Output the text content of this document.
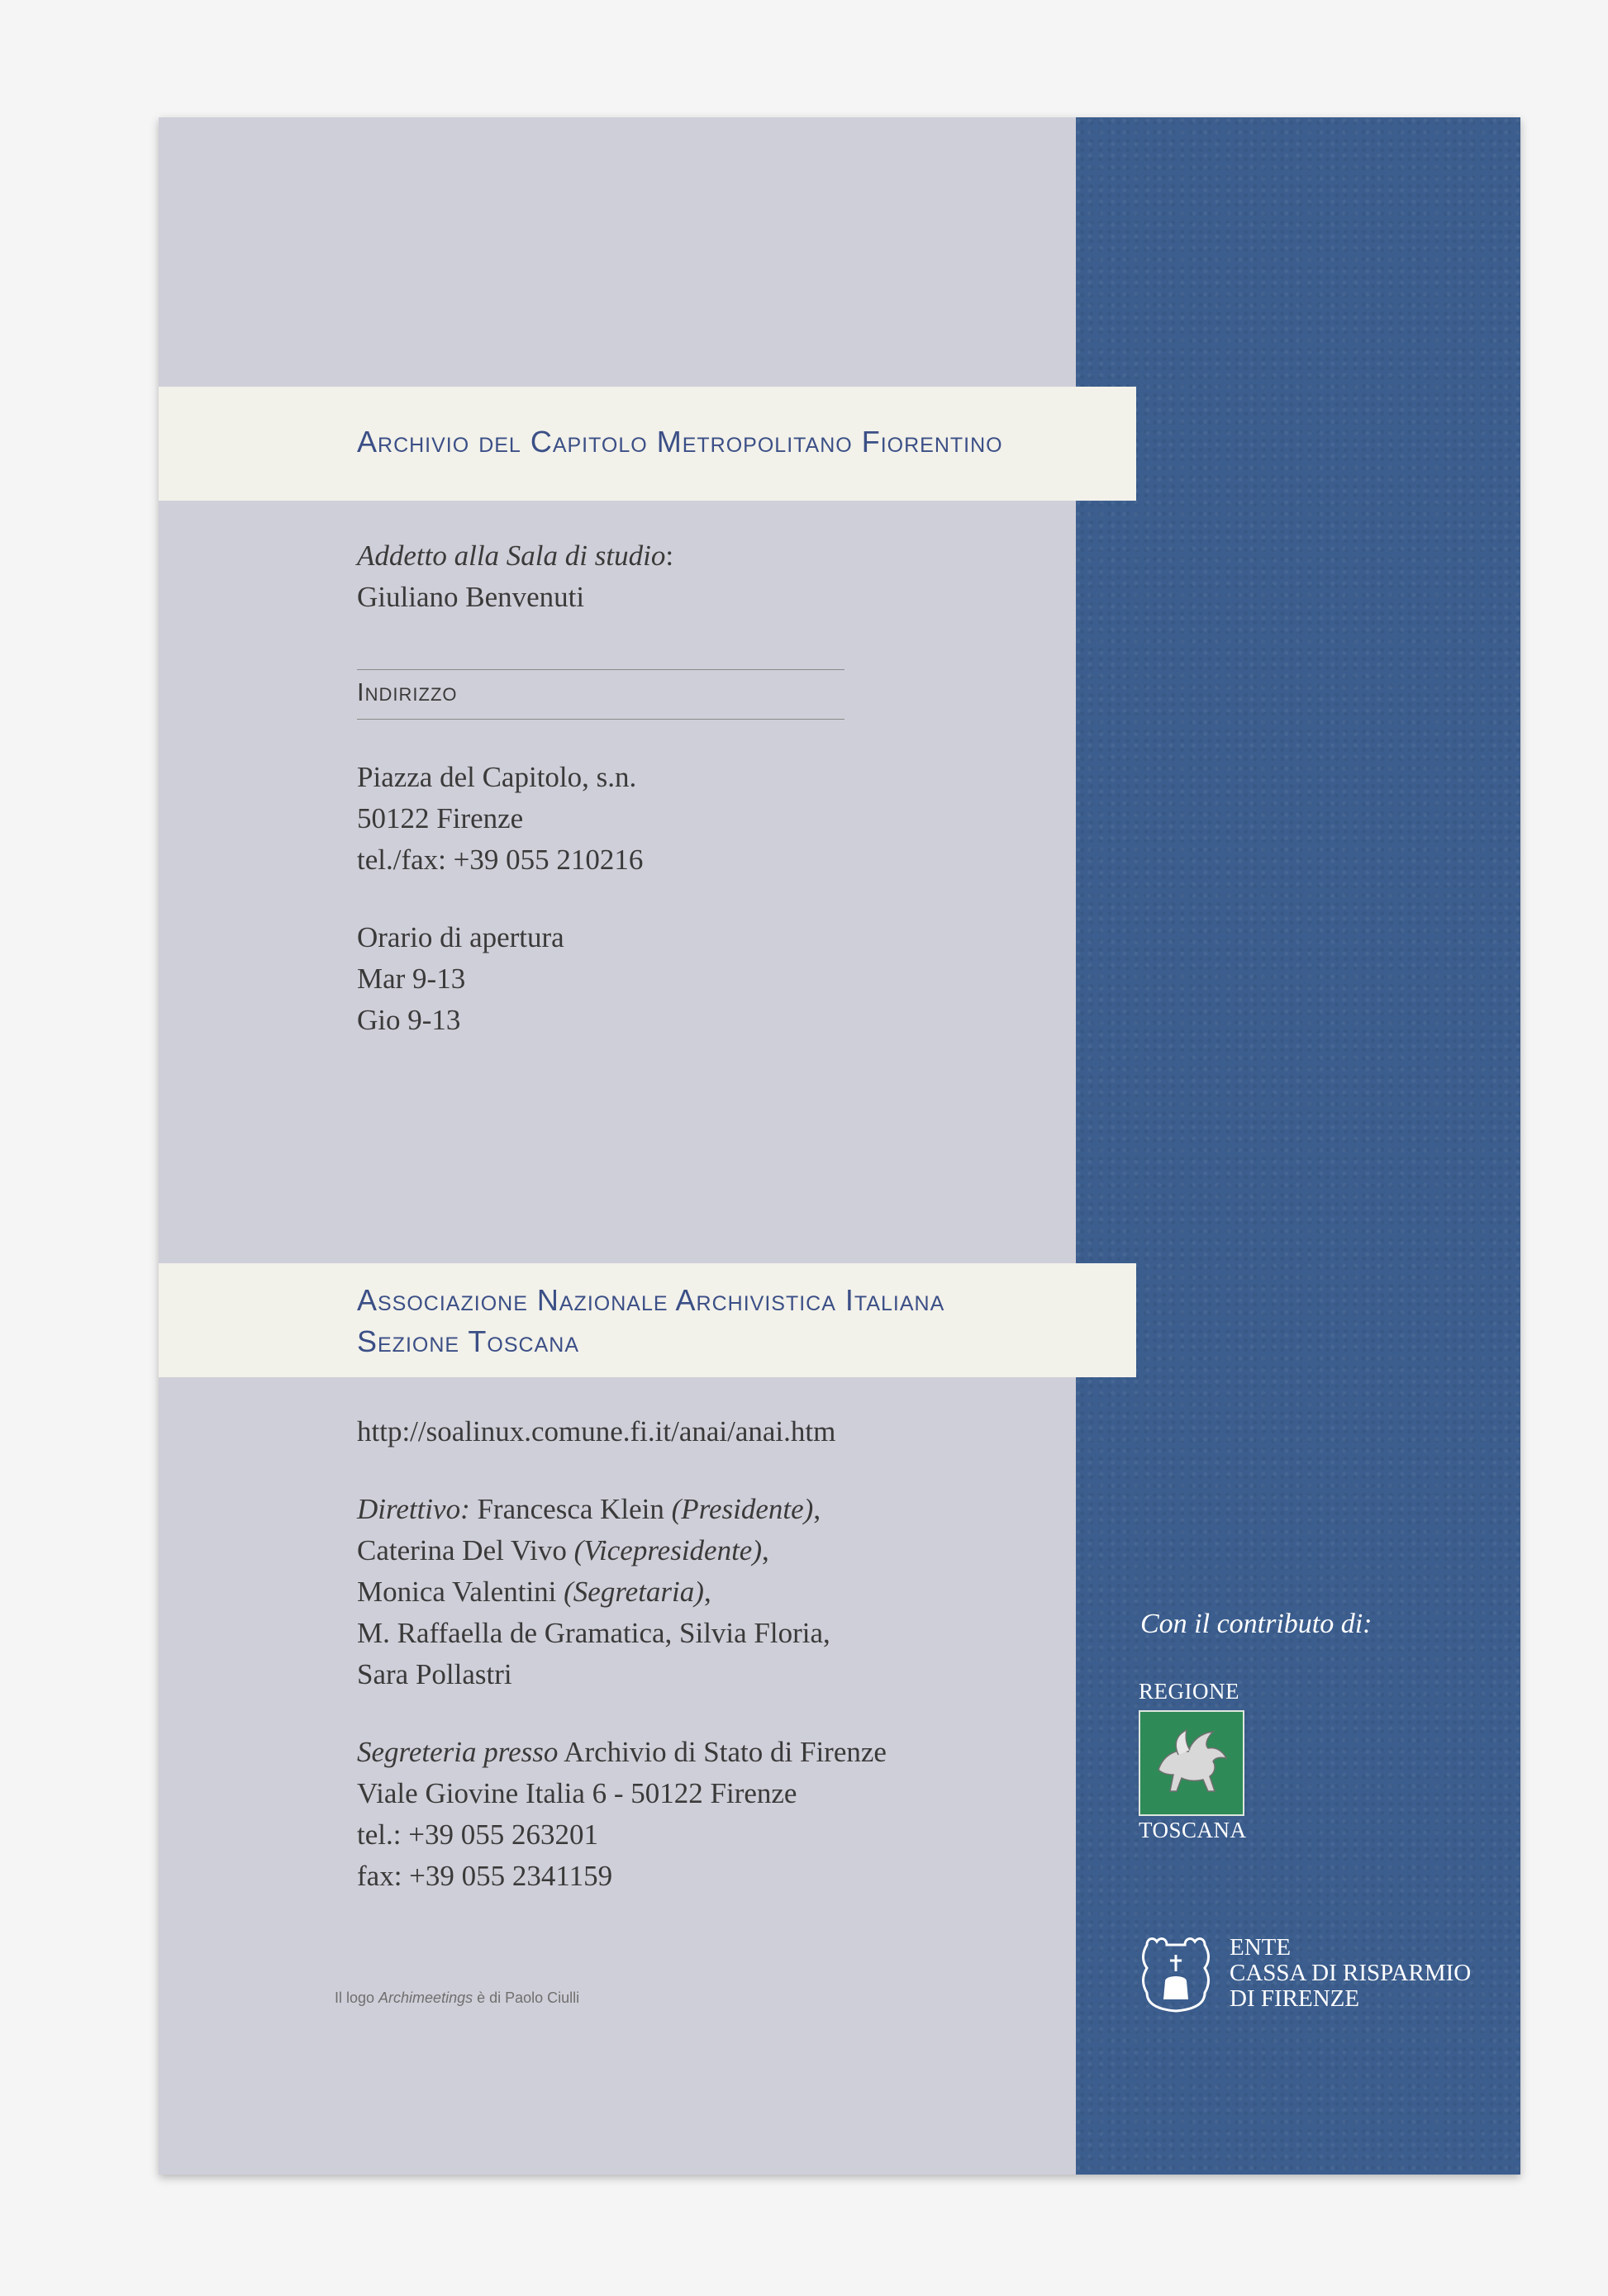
Archivio del Capitolo Metropolitano Fiorentino
Addetto alla Sala di studio:
Giuliano Benvenuti
Indirizzo
Piazza del Capitolo, s.n.
50122 Firenze
tel./fax: +39 055 210216
Orario di apertura
Mar 9-13
Gio 9-13
Associazione Nazionale Archivistica Italiana
Sezione Toscana
http://soalinux.comune.fi.it/anai/anai.htm
Direttivo: Francesca Klein (Presidente),
Caterina Del Vivo (Vicepresidente),
Monica Valentini (Segretaria),
M. Raffaella de Gramatica, Silvia Floria,
Sara Pollastri
Segreteria presso Archivio di Stato di Firenze
Viale Giovine Italia 6 - 50122 Firenze
tel.: +39 055 263201
fax: +39 055 2341159
Il logo Archimeetings è di Paolo Ciulli
Con il contributo di:
REGIONE
TOSCANA
ENTE
CASSA DI RISPARMIO
DI FIRENZE
